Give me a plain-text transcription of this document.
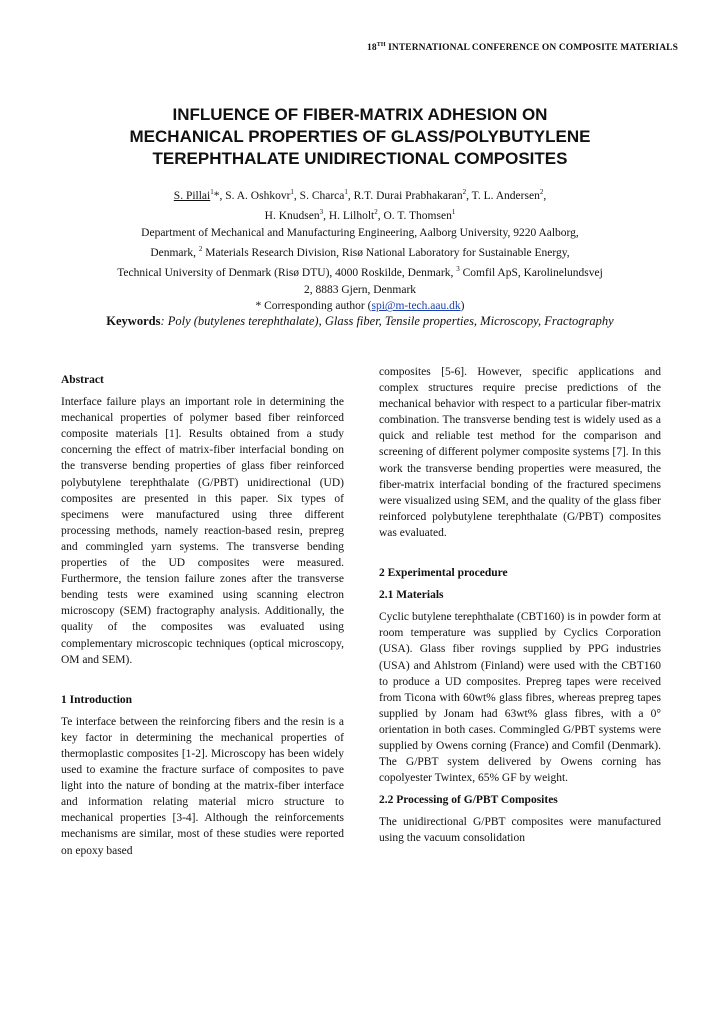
18TH INTERNATIONAL CONFERENCE ON COMPOSITE MATERIALS
INFLUENCE OF FIBER-MATRIX ADHESION ON
MECHANICAL PROPERTIES OF GLASS/POLYBUTYLENE
TEREPHTHALATE UNIDIRECTIONAL COMPOSITES
S. Pillai$^1$*, S. A. Oshkovr$^1$, S. Charca$^1$, R.T. Durai Prabhakaran$^2$, T. L. Andersen$^2$,
H. Knudsen$^3$, H. Lilholt$^2$, O. T. Thomsen$^1$
Department of Mechanical and Manufacturing Engineering, Aalborg University, 9220 Aalborg,
Denmark, $^2$ Materials Research Division, Risø National Laboratory for Sustainable Energy,
Technical University of Denmark (Risø DTU), 4000 Roskilde, Denmark, $^3$ Comfil ApS, Karolinelundsvej
2, 8883 Gjern, Denmark
* Corresponding author (spi@m-tech.aau.dk)
Keywords: Poly (butylenes terephthalate), Glass fiber, Tensile properties, Microscopy, Fractography
Abstract

Interface failure plays an important role in determining the mechanical properties of polymer based fiber reinforced composite materials [1]. Results obtained from a study concerning the effect of matrix-fiber interfacial bonding on the transverse bending properties of glass fiber reinforced polybutylene terephthalate (G/PBT) unidirectional (UD) composites are presented in this paper. Six types of specimens were manufactured using three different processing methods, namely reaction-based resin, prepreg and commingled yarn systems. The transverse bending properties of the UD composites were measured. Furthermore, the tension failure zones after the transverse bending tests were examined using scanning electron microscopy (SEM) fractography analysis. Additionally, the quality of the composites was evaluated using complementary microscopic techniques (optical microscopy, OM and SEM).

1 Introduction

Te interface between the reinforcing fibers and the resin is a key factor in determining the mechanical properties of thermoplastic composites [1-2]. Microscopy has been widely used to examine the fracture surface of composites to pave light into the nature of bonding at the matrix-fiber interface and information relating material micro structure to mechanical properties [3-4]. Although the reinforcements mechanisms are similar, most of these studies were reported on epoxy based

composites [5-6]. However, specific applications and complex structures require precise predictions of the mechanical behavior with respect to a particular fiber-matrix combination. The transverse bending test is widely used as a quick and reliable test method for the comparison and screening of different polymer composite systems [7]. In this work the transverse bending properties were measured, the fiber-matrix interfacial bonding of the fractured specimens were visualized using SEM, and the quality of the glass fiber reinforced polybutylene terephthalate (G/PBT) composites was evaluated.

2 Experimental procedure
2.1 Materials

Cyclic butylene terephthalate (CBT160) is in powder form at room temperature was supplied by Cyclics Corporation (USA). Glass fiber rovings supplied by PPG industries (USA) and Ahlstrom (Finland) were used with the CBT160 to produce a UD composites. Prepreg tapes were received from Ticona with 60wt% glass fibres, whereas prepreg tapes supplied by Jonam had 63wt% glass fibres, with a 0° orientation in both cases. Commingled G/PBT systems were supplied by Owens corning (France) and Comfil (Denmark). The G/PBT system delivered by Owens corning has copolyester Twintex, 65% GF by weight.

2.2 Processing of G/PBT Composites

The unidirectional G/PBT composites were manufactured using the vacuum consolidation
